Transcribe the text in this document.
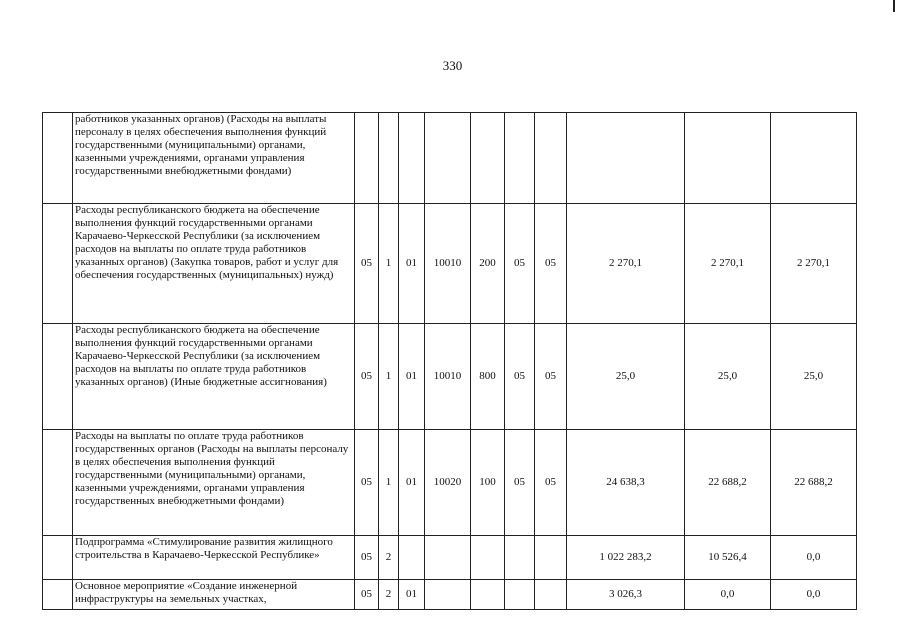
330
	работников указанных органов) (Расходы на выплаты персоналу в целях обеспечения выполнения функций государственными (муниципальными) органами, казенными учреждениями, органами управления государственными внебюджетными фондами)										
	Расходы республиканского бюджета на обеспечение выполнения функций государственными органами Карачаево-Черкесской Республики (за исключением расходов на выплаты по оплате труда работников указанных органов) (Закупка товаров, работ и услуг для обеспечения государственных (муниципальных) нужд)	05	1	01	10010	200	05	05	2 270,1	2 270,1	2 270,1
	Расходы республиканского бюджета на обеспечение выполнения функций государственными органами Карачаево-Черкесской Республики (за исключением расходов на выплаты по оплате труда работников указанных органов) (Иные бюджетные ассигнования)	05	1	01	10010	800	05	05	25,0	25,0	25,0
	Расходы на выплаты по оплате труда работников государственных органов (Расходы на выплаты персоналу в целях обеспечения выполнения функций государственными (муниципальными) органами, казенными учреждениями, органами управления государственных внебюджетными фондами)	05	1	01	10020	100	05	05	24 638,3	22 688,2	22 688,2
	Подпрограмма «Стимулирование развития жилищного строительства в Карачаево-Черкесской Республике»	05	2						1 022 283,2	10 526,4	0,0
	Основное мероприятие «Создание инженерной инфраструктуры на земельных участках,	05	2	01					3 026,3	0,0	0,0
